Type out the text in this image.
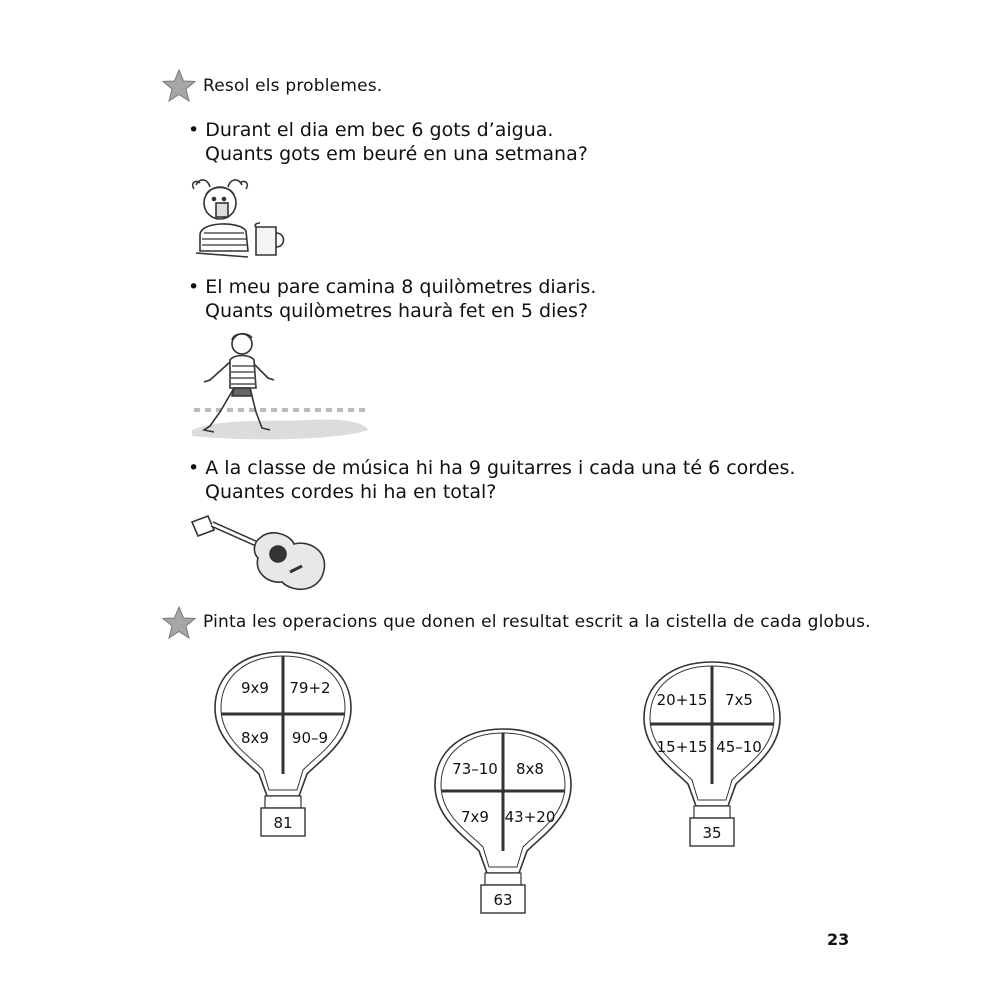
Resol els problemes.
• Durant el dia em bec 6 gots d’aigua.
Quants gots em beuré en una setmana?
• El meu pare camina 8 quilòmetres diaris.
Quants quilòmetres haurà fet en 5 dies?
• A la classe de música hi ha 9 guitarres i cada una té 6 cordes.
Quantes cordes hi ha en total?
Pinta les operacions que donen el resultat escrit a la cistella de cada globus.
9x9 79+2
8x9 90–9
81
73–10 8x8
7x9 43+20
63
20+15 7x5
15+15 45–10
35
23
